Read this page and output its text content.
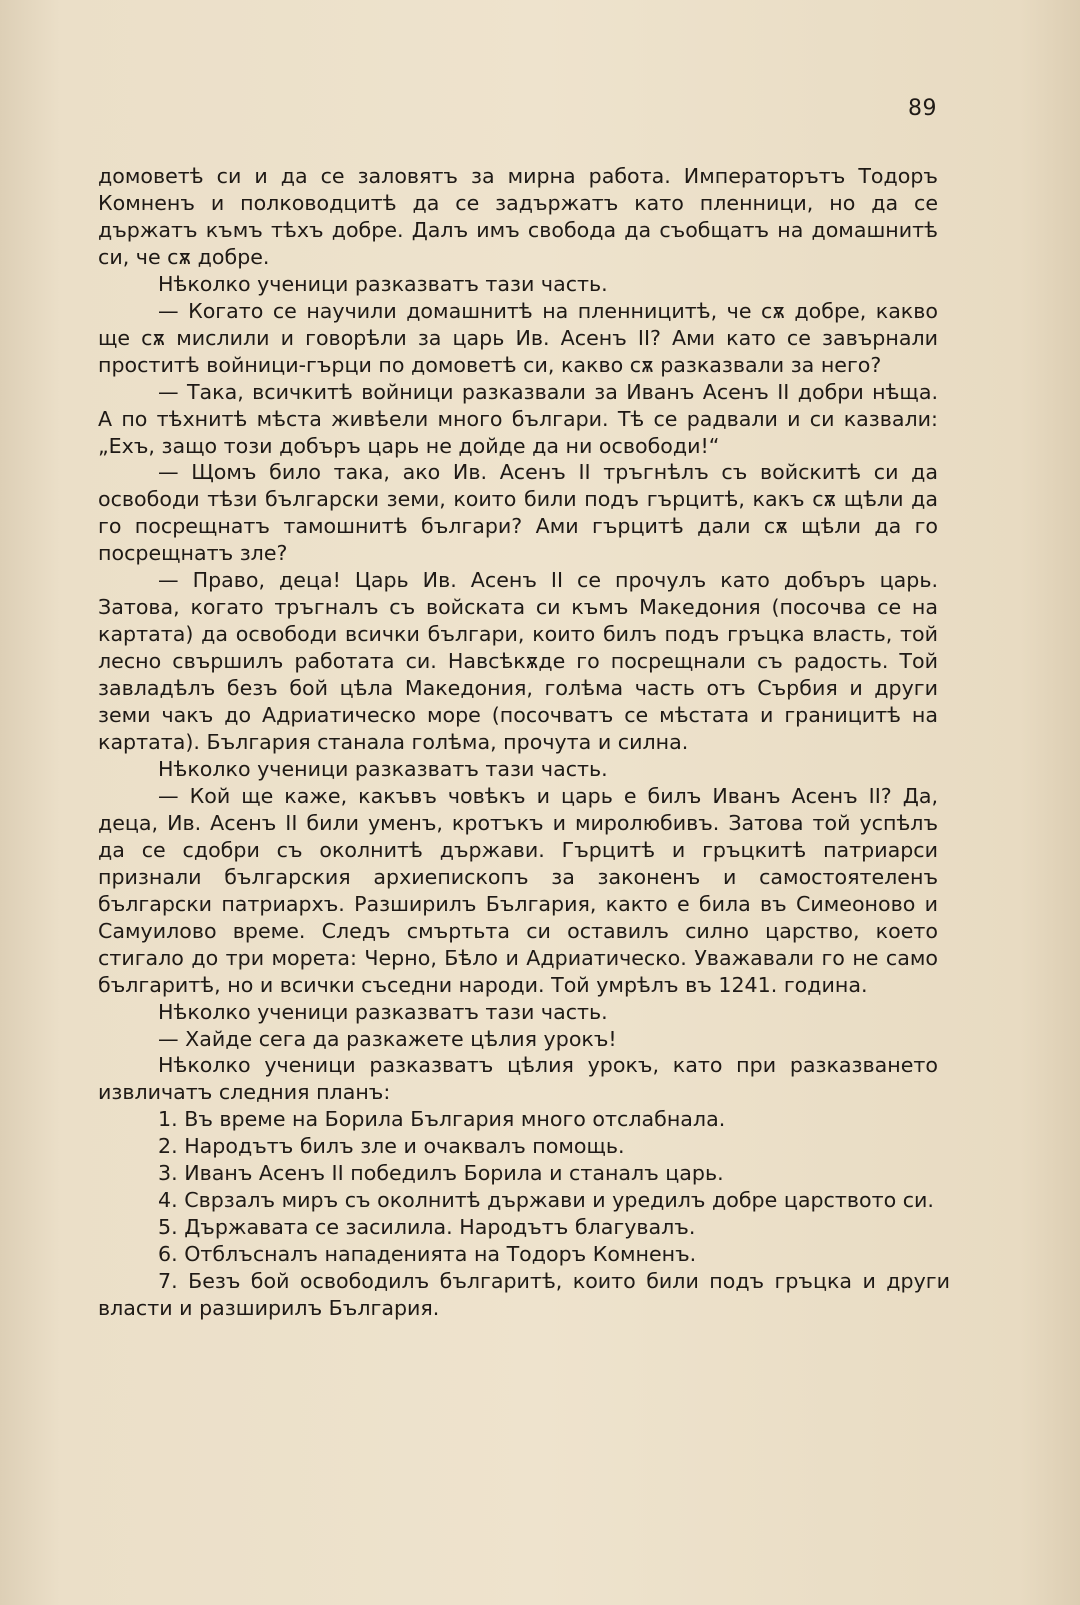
89

домоветѣ си и да се заловятъ за мирна работа. Императорътъ Тодоръ Комненъ и полководцитѣ да се задържатъ като пленници, но да се държатъ къмъ тѣхъ добре. Далъ имъ свобода да съобщатъ на домашнитѣ си, че сѫ добре.

Нѣколко ученици разказватъ тази часть.

— Когато се научили домашнитѣ на пленницитѣ, че сѫ добре, какво ще сѫ мислили и говорѣли за царь Ив. Асенъ II? Ами като се завърнали проститѣ войници-гърци по домоветѣ си, какво сѫ разказвали за него?

— Така, всичкитѣ войници разказвали за Иванъ Асенъ II добри нѣща. А по тѣхнитѣ мѣста живѣели много българи. Тѣ се радвали и си казвали: „Ехъ, защо този добъръ царь не дойде да ни освободи!“

— Щомъ било така, ако Ив. Асенъ II тръгнѣлъ съ войскитѣ си да освободи тѣзи български земи, които били подъ гърцитѣ, какъ сѫ щѣли да го посрещнатъ тамошнитѣ българи? Ами гърцитѣ дали сѫ щѣли да го посрещнатъ зле?

— Право, деца! Царь Ив. Асенъ II се прочулъ като добъръ царь. Затова, когато тръгналъ съ войската си къмъ Македония (посочва се на картата) да освободи всички българи, които билъ подъ гръцка власть, той лесно свършилъ работата си. Навсѣкѫде го посрещнали съ радость. Той завладѣлъ безъ бой цѣла Македония, голѣма часть отъ Сърбия и други земи чакъ до Адриатическо море (посочватъ се мѣстата и границитѣ на картата). България станала голѣма, прочута и силна.

Нѣколко ученици разказватъ тази часть.

— Кой ще каже, какъвъ човѣкъ и царь е билъ Иванъ Асенъ II? Да, деца, Ив. Асенъ II били уменъ, кротъкъ и миролюбивъ. Затова той успѣлъ да се сдобри съ околнитѣ държави. Гърцитѣ и гръцкитѣ патриарси признали българския архиепископъ за законенъ и самостоятеленъ български патриархъ. Разширилъ България, както е била въ Симеоново и Самуилово време. Следъ смъртьта си оставилъ силно царство, което стигало до три морета: Черно, Бѣло и Адриатическо. Уважавали го не само българитѣ, но и всички съседни народи. Той умрѣлъ въ 1241. година.

Нѣколко ученици разказватъ тази часть.

— Хайде сега да разкажете цѣлия урокъ!

Нѣколко ученици разказватъ цѣлия урокъ, като при разказването извличатъ следния планъ:

1. Въ време на Борила България много отслабнала.
2. Народътъ билъ зле и очаквалъ помощь.
3. Иванъ Асенъ II победилъ Борила и станалъ царь.
4. Сврзалъ миръ съ околнитѣ държави и уредилъ добре царството си.
5. Държавата се засилила. Народътъ благувалъ.
6. Отблъсналъ нападенията на Тодоръ Комненъ.
7. Безъ бой освободилъ българитѣ, които били подъ гръцка и други власти и разширилъ България.
